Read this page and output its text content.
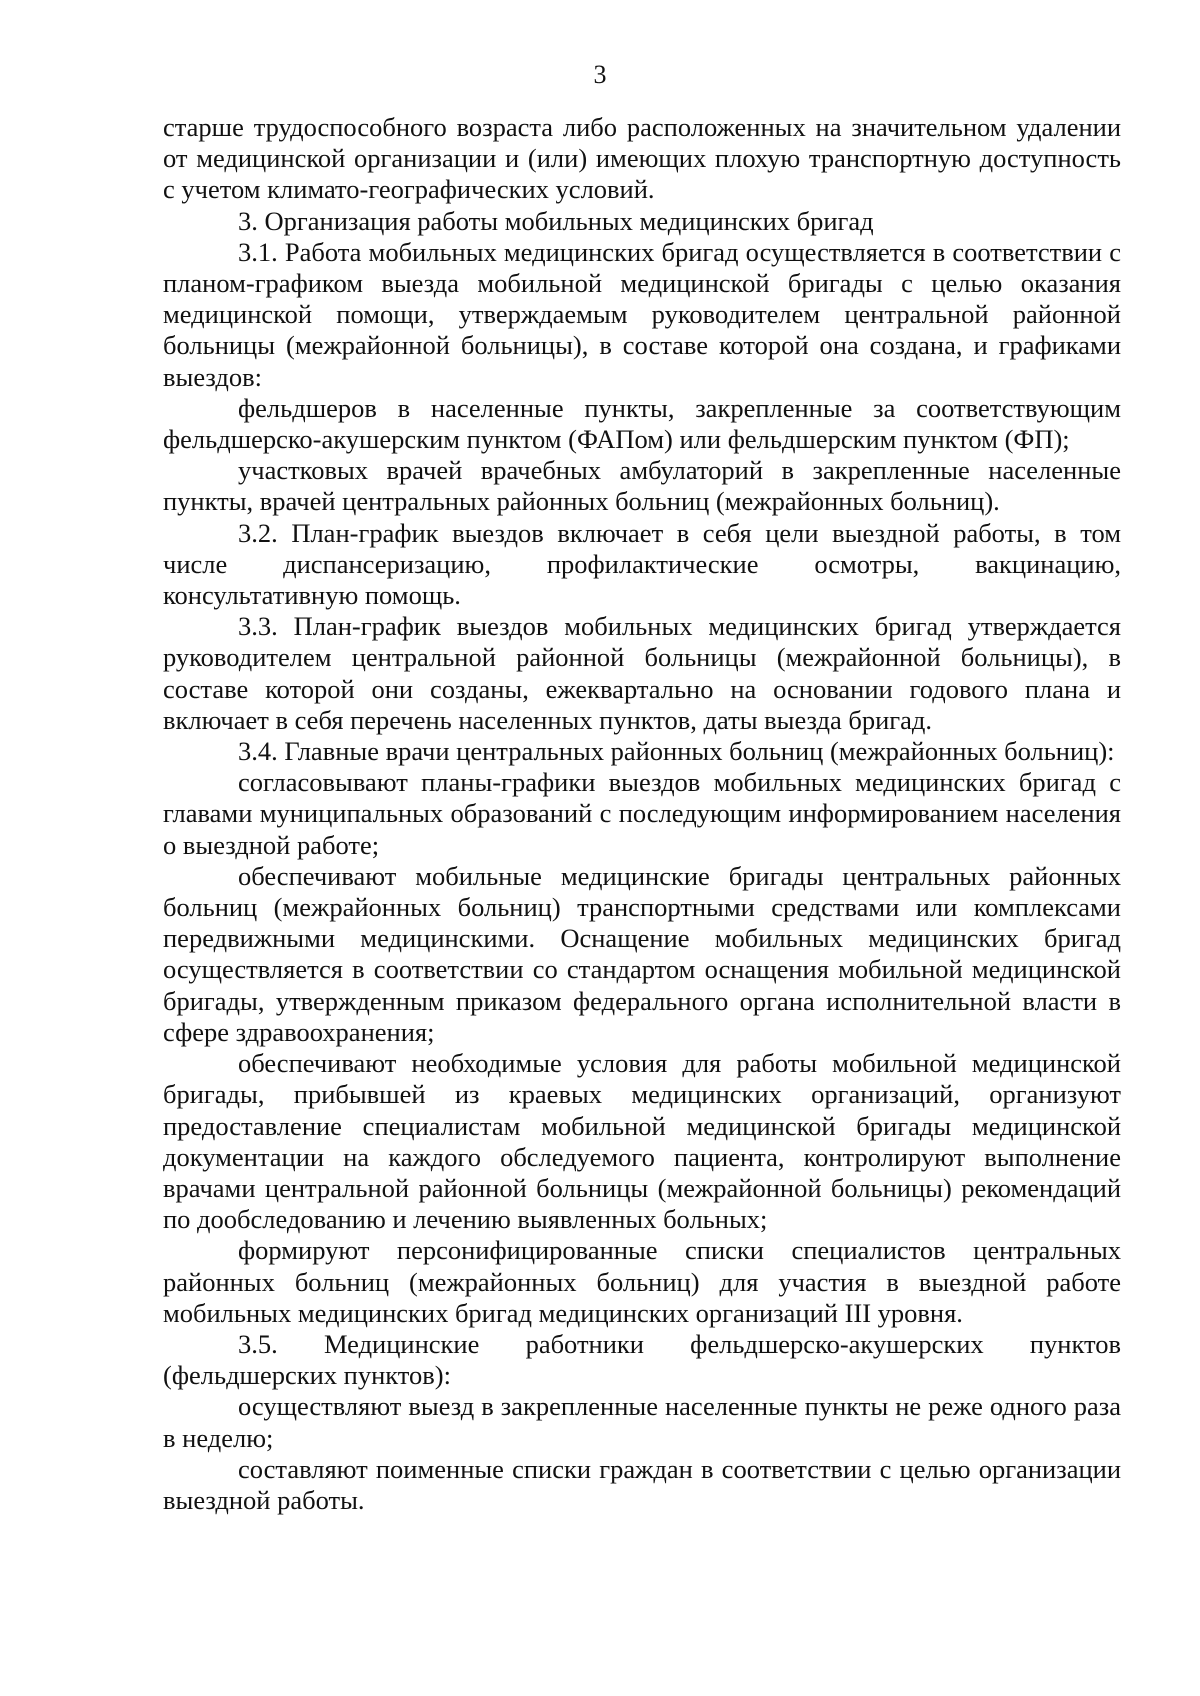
3

старше трудоспособного возраста либо расположенных на значительном удалении от медицинской организации и (или) имеющих плохую транспортную доступность с учетом климато-географических условий.

3. Организация работы мобильных медицинских бригад

3.1. Работа мобильных медицинских бригад осуществляется в соответствии с планом-графиком выезда мобильной медицинской бригады с целью оказания медицинской помощи, утверждаемым руководителем центральной районной больницы (межрайонной больницы), в составе которой она создана, и графиками выездов:

фельдшеров в населенные пункты, закрепленные за соответствующим фельдшерско-акушерским пунктом (ФАПом) или фельдшерским пунктом (ФП);

участковых врачей врачебных амбулаторий в закрепленные населенные пункты, врачей центральных районных больниц (межрайонных больниц).

3.2. План-график выездов включает в себя цели выездной работы, в том числе диспансеризацию, профилактические осмотры, вакцинацию, консультативную помощь.

3.3. План-график выездов мобильных медицинских бригад утверждается руководителем центральной районной больницы (межрайонной больницы), в составе которой они созданы, ежеквартально на основании годового плана и включает в себя перечень населенных пунктов, даты выезда бригад.

3.4. Главные врачи центральных районных больниц (межрайонных больниц):

согласовывают планы-графики выездов мобильных медицинских бригад с главами муниципальных образований с последующим информированием населения о выездной работе;

обеспечивают мобильные медицинские бригады центральных районных больниц (межрайонных больниц) транспортными средствами или комплексами передвижными медицинскими. Оснащение мобильных медицинских бригад осуществляется в соответствии со стандартом оснащения мобильной медицинской бригады, утвержденным приказом федерального органа исполнительной власти в сфере здравоохранения;

обеспечивают необходимые условия для работы мобильной медицинской бригады, прибывшей из краевых медицинских организаций, организуют предоставление специалистам мобильной медицинской бригады медицинской документации на каждого обследуемого пациента, контролируют выполнение врачами центральной районной больницы (межрайонной больницы) рекомендаций по дообследованию и лечению выявленных больных;

формируют персонифицированные списки специалистов центральных районных больниц (межрайонных больниц) для участия в выездной работе мобильных медицинских бригад медицинских организаций III уровня.

3.5. Медицинские работники фельдшерско-акушерских пунктов (фельдшерских пунктов):

осуществляют выезд в закрепленные населенные пункты не реже одного раза в неделю;

составляют поименные списки граждан в соответствии с целью организации выездной работы.
